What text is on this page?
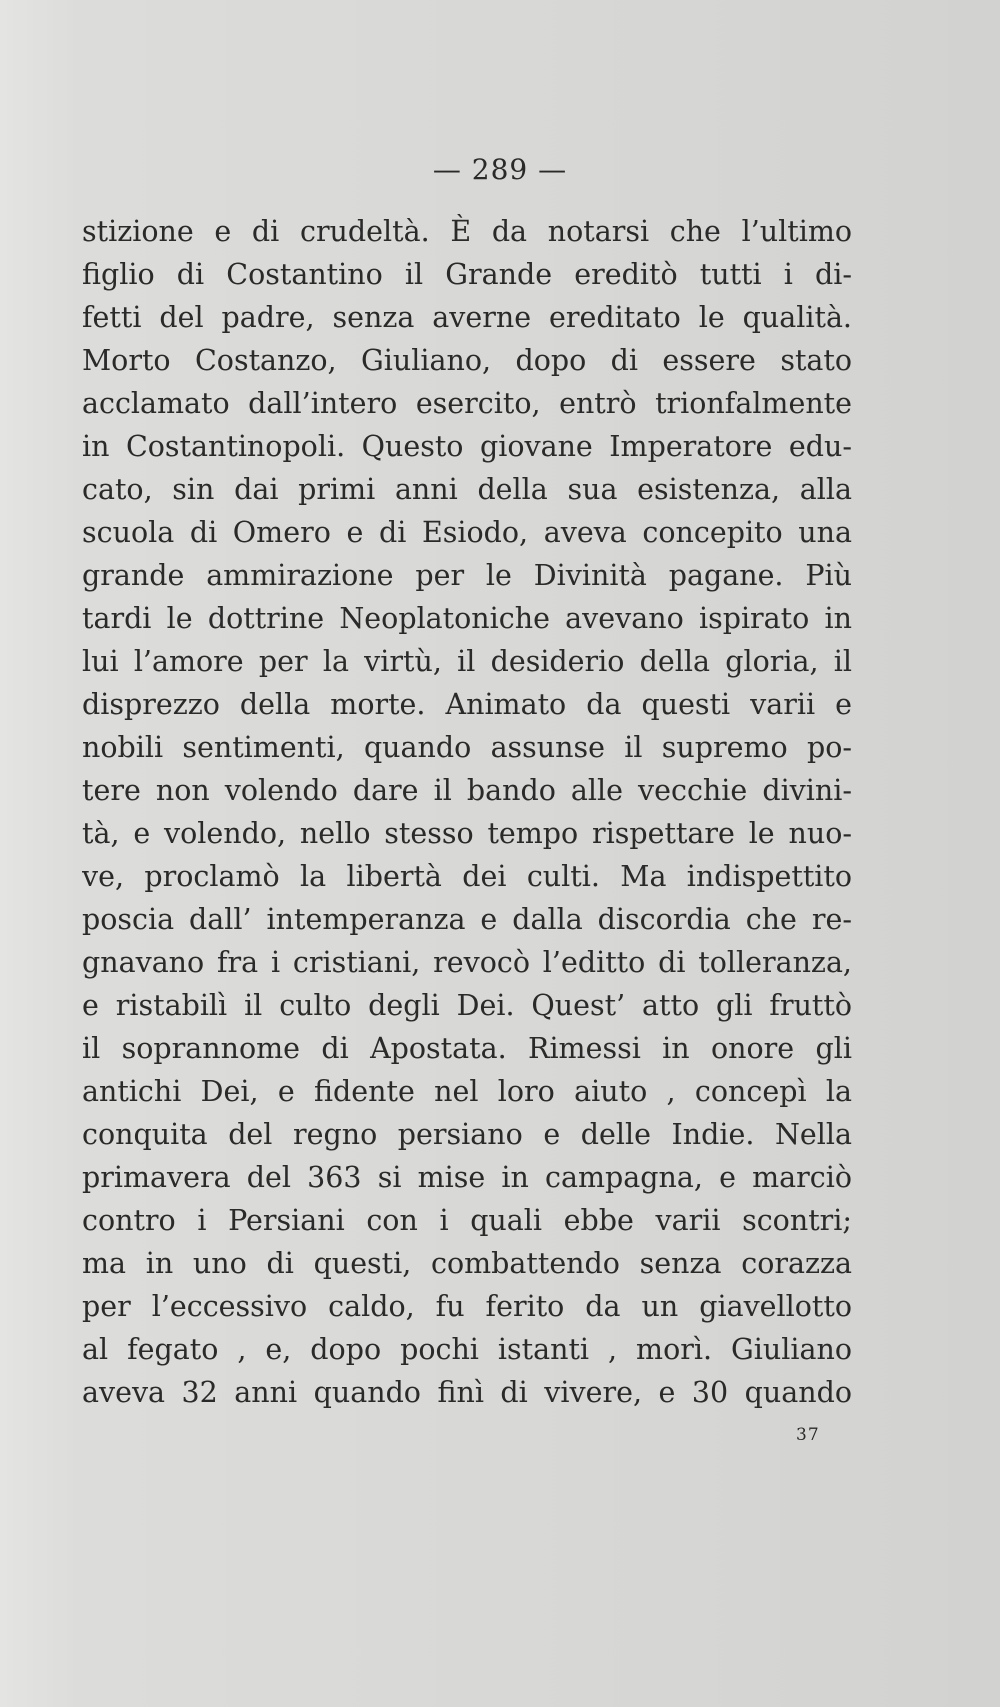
— 289 —
stizione e di crudeltà. È da notarsi che l’ultimo
figlio di Costantino il Grande ereditò tutti i di-
fetti del padre, senza averne ereditato le qualità.
Morto Costanzo, Giuliano, dopo di essere stato
acclamato dall’intero esercito, entrò trionfalmente
in Costantinopoli. Questo giovane Imperatore edu-
cato, sin dai primi anni della sua esistenza, alla
scuola di Omero e di Esiodo, aveva concepito una
grande ammirazione per le Divinità pagane. Più
tardi le dottrine Neoplatoniche avevano ispirato in
lui l’amore per la virtù, il desiderio della gloria, il
disprezzo della morte. Animato da questi varii e
nobili sentimenti, quando assunse il supremo po-
tere non volendo dare il bando alle vecchie divini-
tà, e volendo, nello stesso tempo rispettare le nuo-
ve, proclamò la libertà dei culti. Ma indispettito
poscia dall’ intemperanza e dalla discordia che re-
gnavano fra i cristiani, revocò l’editto di tolleranza,
e ristabilì il culto degli Dei. Quest’ atto gli fruttò
il soprannome di Apostata. Rimessi in onore gli
antichi Dei, e fidente nel loro aiuto , concepì la
conquita del regno persiano e delle Indie. Nella
primavera del 363 si mise in campagna, e marciò
contro i Persiani con i quali ebbe varii scontri;
ma in uno di questi, combattendo senza corazza
per l’eccessivo caldo, fu ferito da un giavellotto
al fegato , e, dopo pochi istanti , morì. Giuliano
aveva 32 anni quando finì di vivere, e 30 quando
37
